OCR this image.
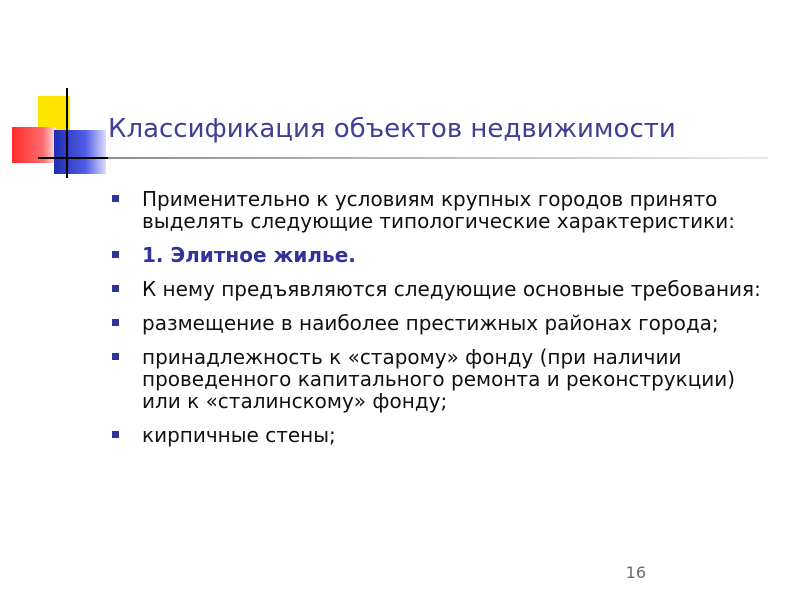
Классификация объектов недвижимости
Применительно к условиям крупных городов принято выделять следующие типологические характеристики:
1. Элитное жилье.
К нему предъявляются следующие основные требования:
размещение в наиболее престижных районах города;
принадлежность к «старому» фонду (при наличии проведенного капитального ремонта и реконструкции) или к «сталинскому» фонду;
кирпичные стены;
16
